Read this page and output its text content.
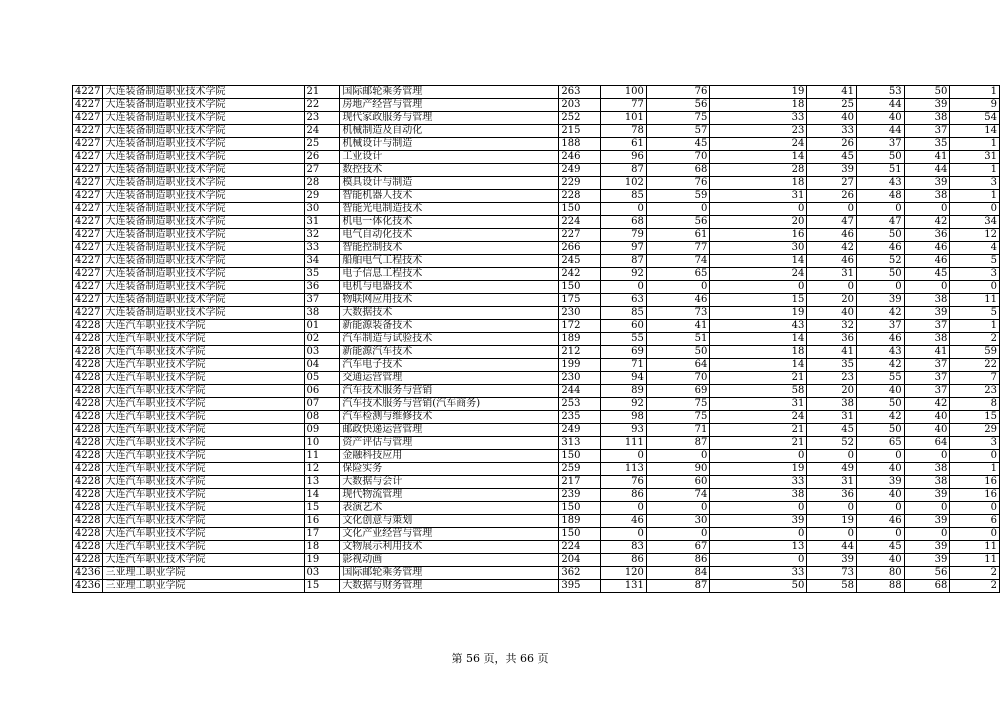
4227	大连装备制造职业技术学院	21	国际邮轮乘务管理	263	100	76	19	41	53	50	1
4227	大连装备制造职业技术学院	22	房地产经营与管理	203	77	56	18	25	44	39	9
4227	大连装备制造职业技术学院	23	现代家政服务与管理	252	101	75	33	40	40	38	54
4227	大连装备制造职业技术学院	24	机械制造及自动化	215	78	57	23	33	44	37	14
4227	大连装备制造职业技术学院	25	机械设计与制造	188	61	45	24	26	37	35	1
4227	大连装备制造职业技术学院	26	工业设计	246	96	70	14	45	50	41	31
4227	大连装备制造职业技术学院	27	数控技术	249	87	68	28	39	51	44	1
4227	大连装备制造职业技术学院	28	模具设计与制造	229	102	76	18	27	43	39	3
4227	大连装备制造职业技术学院	29	智能机器人技术	228	85	59	31	26	48	38	1
4227	大连装备制造职业技术学院	30	智能光电制造技术	150	0	0	0	0	0	0	0
4227	大连装备制造职业技术学院	31	机电一体化技术	224	68	56	20	47	47	42	34
4227	大连装备制造职业技术学院	32	电气自动化技术	227	79	61	16	46	50	36	12
4227	大连装备制造职业技术学院	33	智能控制技术	266	97	77	30	42	46	46	4
4227	大连装备制造职业技术学院	34	船舶电气工程技术	245	87	74	14	46	52	46	5
4227	大连装备制造职业技术学院	35	电子信息工程技术	242	92	65	24	31	50	45	3
4227	大连装备制造职业技术学院	36	电机与电器技术	150	0	0	0	0	0	0	0
4227	大连装备制造职业技术学院	37	物联网应用技术	175	63	46	15	20	39	38	11
4227	大连装备制造职业技术学院	38	大数据技术	230	85	73	19	40	42	39	5
4228	大连汽车职业技术学院	01	新能源装备技术	172	60	41	43	32	37	37	1
4228	大连汽车职业技术学院	02	汽车制造与试验技术	189	55	51	14	36	46	38	2
4228	大连汽车职业技术学院	03	新能源汽车技术	212	69	50	18	41	43	41	59
4228	大连汽车职业技术学院	04	汽车电子技术	199	71	64	14	35	42	37	22
4228	大连汽车职业技术学院	05	交通运营管理	230	94	70	21	23	55	37	7
4228	大连汽车职业技术学院	06	汽车技术服务与营销	244	89	69	58	20	40	37	23
4228	大连汽车职业技术学院	07	汽车技术服务与营销(汽车商务)	253	92	75	31	38	50	42	8
4228	大连汽车职业技术学院	08	汽车检测与维修技术	235	98	75	24	31	42	40	15
4228	大连汽车职业技术学院	09	邮政快递运营管理	249	93	71	21	45	50	40	29
4228	大连汽车职业技术学院	10	资产评估与管理	313	111	87	21	52	65	64	3
4228	大连汽车职业技术学院	11	金融科技应用	150	0	0	0	0	0	0	0
4228	大连汽车职业技术学院	12	保险实务	259	113	90	19	49	40	38	1
4228	大连汽车职业技术学院	13	大数据与会计	217	76	60	33	31	39	38	16
4228	大连汽车职业技术学院	14	现代物流管理	239	86	74	38	36	40	39	16
4228	大连汽车职业技术学院	15	表演艺术	150	0	0	0	0	0	0	0
4228	大连汽车职业技术学院	16	文化创意与策划	189	46	30	39	19	46	39	6
4228	大连汽车职业技术学院	17	文化产业经营与管理	150	0	0	0	0	0	0	0
4228	大连汽车职业技术学院	18	文物展示利用技术	224	83	67	13	44	45	39	11
4228	大连汽车职业技术学院	19	影视动画	204	86	86	0	39	40	39	11
4236	三亚理工职业学院	03	国际邮轮乘务管理	362	120	84	33	73	80	56	2
4236	三亚理工职业学院	15	大数据与财务管理	395	131	87	50	58	88	68	2
第 56 页，共 66 页
